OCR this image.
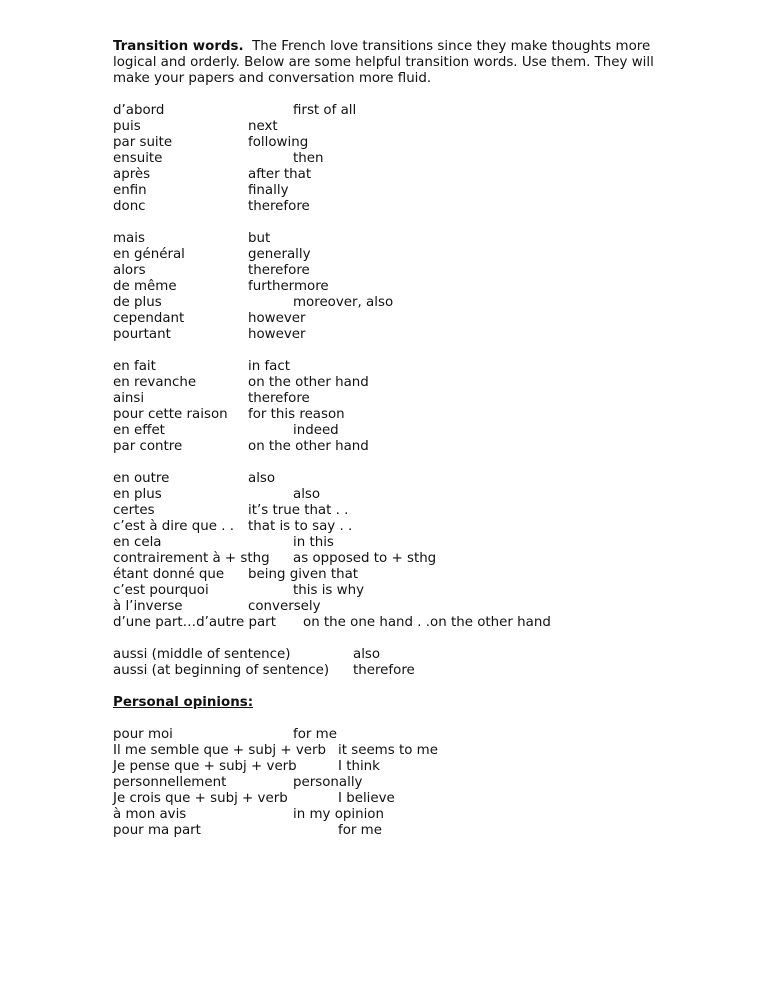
Transition words. The French love transitions since they make thoughts more logical and orderly. Below are some helpful transition words. Use them. They will make your papers and conversation more fluid.

d’abord	first of all
puis	next
par suite	following
ensuite	then
après	after that
enfin	finally
donc	therefore
mais	but
en général	generally
alors	therefore
de même	furthermore
de plus	moreover, also
cependant	however
pourtant	however
en fait	in fact
en revanche	on the other hand
ainsi	therefore
pour cette raison for this reason
en effet	indeed
par contre	on the other hand
en outre	also
en plus	also
certes	it’s true that . .
c’est à dire que . . that is to say . .
en cela	in this
contrairement à + sthg as opposed to + sthg
étant donné que being given that
c’est pourquoi	this is why
à l’inverse	conversely
d’une part…d’autre part on the one hand . .on the other hand
aussi (middle of sentence)	also
aussi (at beginning of sentence) therefore
Personal opinions:
pour moi	for me
Il me semble que + subj + verb it seems to me
Je pense que + subj + verb	I think
personnellement	personally
Je crois que + subj + verb	I believe
à mon avis	in my opinion
pour ma part	for me
